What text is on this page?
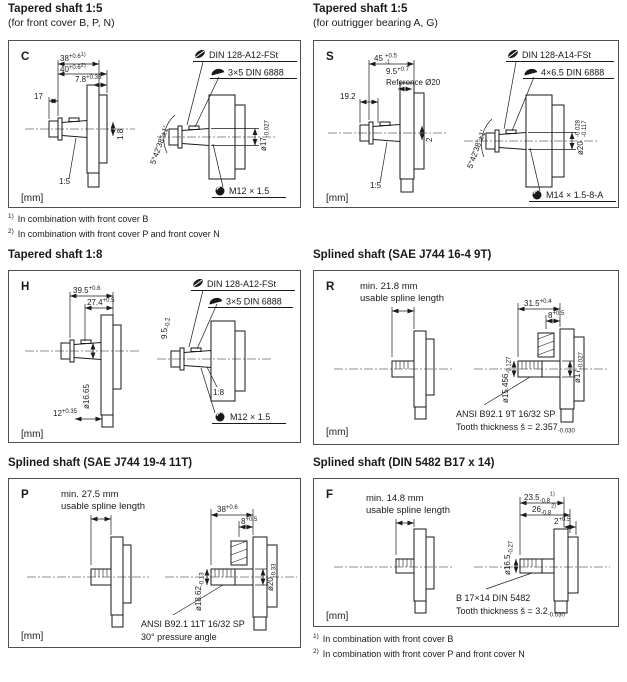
Tapered shaft 1:5
(for front cover B, P, N)
C	$38^{+0.61)}$
$40^{+0.62)}$
$7.8^{+0.35}$
17
1.8
1:5
[mm]
5°42'38"±1'
DIN 128-A12-FSt
3×5 DIN 6888
$ø17_{-0.027}$
M12 × 1.5
$^{1)}$ In combination with front cover B
$^{2)}$ In combination with front cover P and front cover N
Tapered shaft 1:5
(for outrigger bearing A, G)
S	45 +0.5 -1
$9.5^{+0.7}$
Reference Ø20
19.2
2
1:5
[mm]
5°42'38"±1'
DIN 128-A14-FSt
4×6.5 DIN 6888
ø20-0.028-0.117
M14 × 1.5-8-A
Tapered shaft 1:8
H	$39.5^{+0.6}$
$27.4^{+0.5}$
ø16.65
$12^{+0.35}$
[mm]
$9.5_{-0.2}$
DIN 128-A12-FSt
3×5 DIN 6888
1:8
M12 × 1.5
Splined shaft (SAE J744 16-4 9T)
R	min. 21.8 mm
usable spline length
[mm]
$31.5^{+0.4}$
$8^{+0.5}$
$ø15.456_{-0.127}$
$ø17_{-0.027}$
ANSI B92.1 9T 16/32 SP
Tooth thickness š = $2.357_{-0.030}$
Splined shaft (SAE J744 19-4 11T)
P	min. 27.5 mm
usable spline length
[mm]
$38^{+0.6}$
$8^{+0.5}$
$ø18.62_{-0.13}$	$ø20_{-0.33}$
ANSI B92.1 11T 16/32 SP
30° pressure angle
Splined shaft (DIN 5482 B17 x 14)
F	min. 14.8 mm
usable spline length
[mm]
$23.5_{-0.8}^{1)}$
$26_{-0.8}^{2)}$
$2^{+0.5}$
$ø16.5_{-0.27}$
B 17×14 DIN 5482
Tooth thickness š = $3.2_{-0.030}$
$^{1)}$ In combination with front cover B
$^{2)}$ In combination with front cover P and front cover N
